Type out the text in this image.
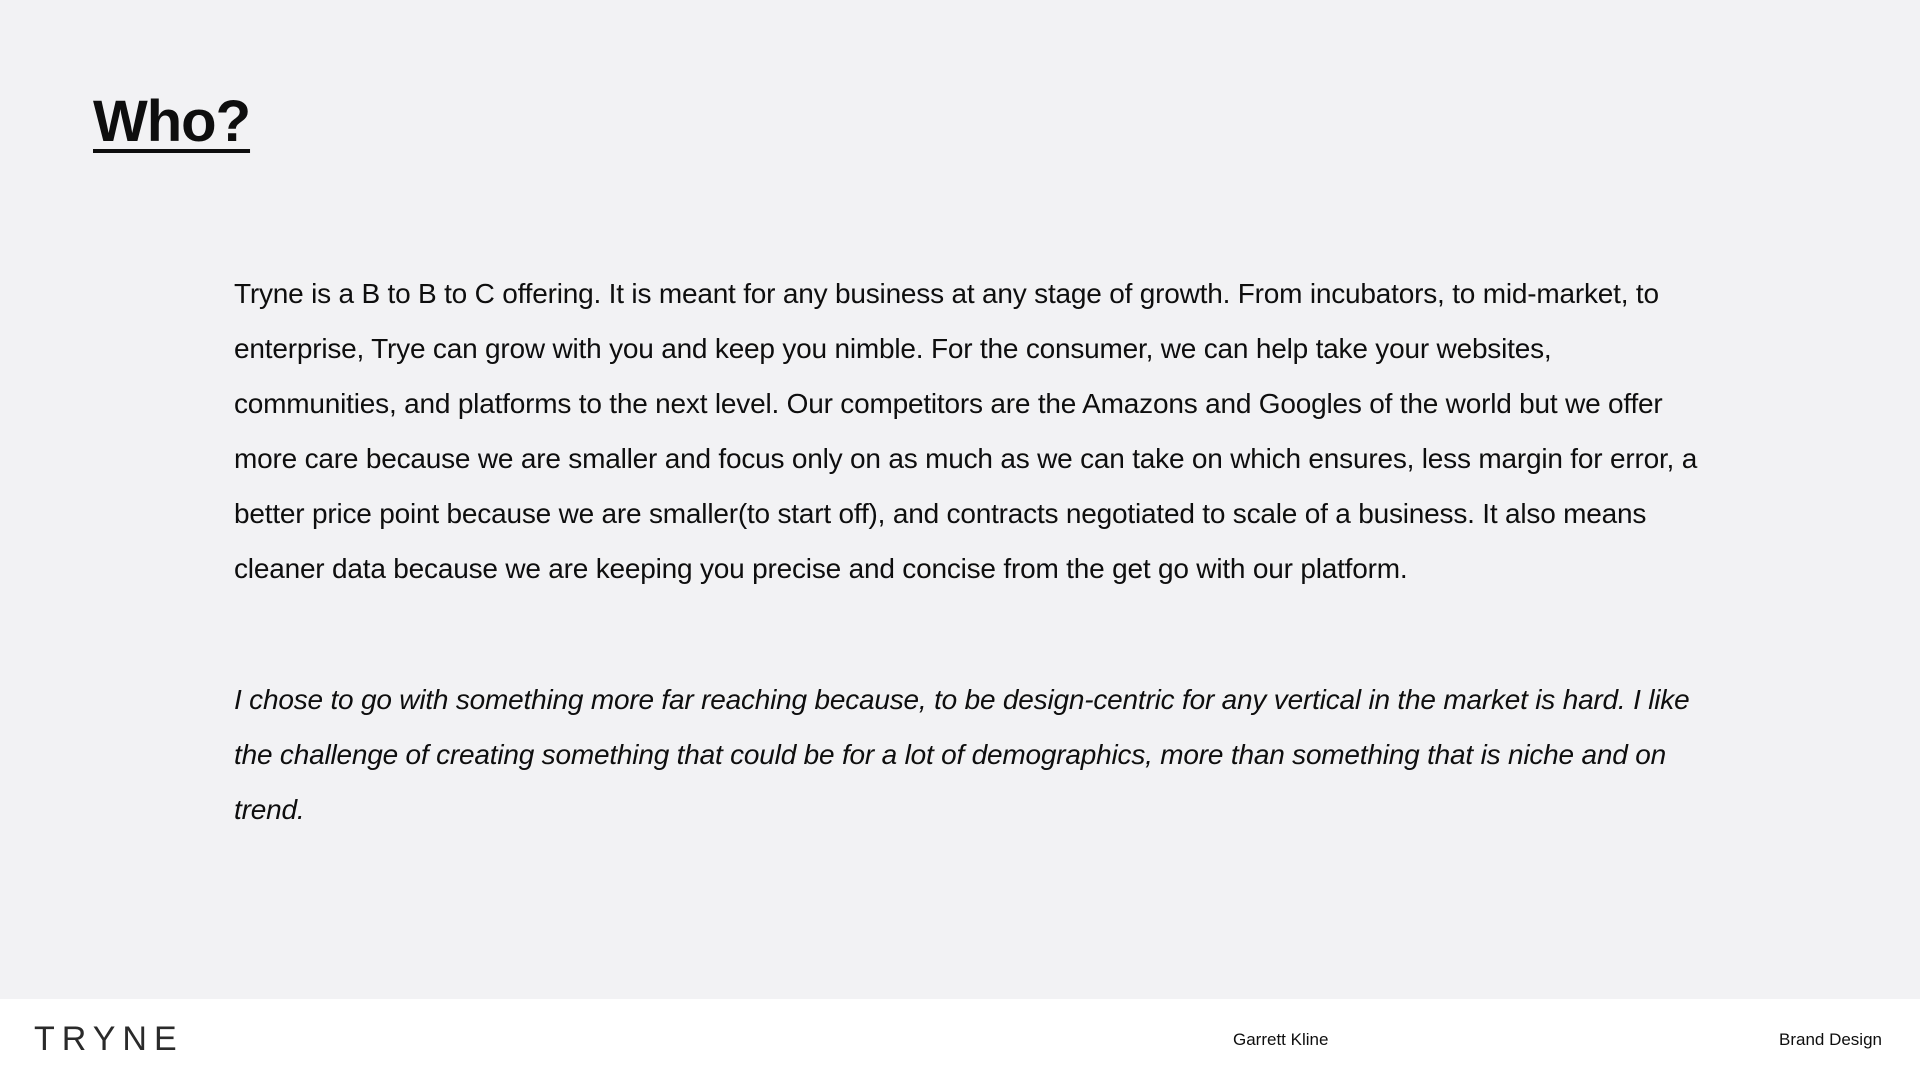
Who?

Tryne is a B to B to C offering. It is meant for any business at any stage of growth. From incubators, to mid-market, to enterprise, Trye can grow with you and keep you nimble. For the consumer, we can help take your websites, communities, and platforms to the next level. Our competitors are the Amazons and Googles of the world but we offer more care because we are smaller and focus only on as much as we can take on which ensures, less margin for error, a better price point because we are smaller(to start off), and contracts negotiated to scale of a business. It also means cleaner data because we are keeping you precise and concise from the get go with our platform.

I chose to go with something more far reaching because, to be design-centric for any vertical in the market is hard. I like the challenge of creating something that could be for a lot of demographics, more than something that is niche and on trend.

TRYNE	Garrett Kline	Brand Design
